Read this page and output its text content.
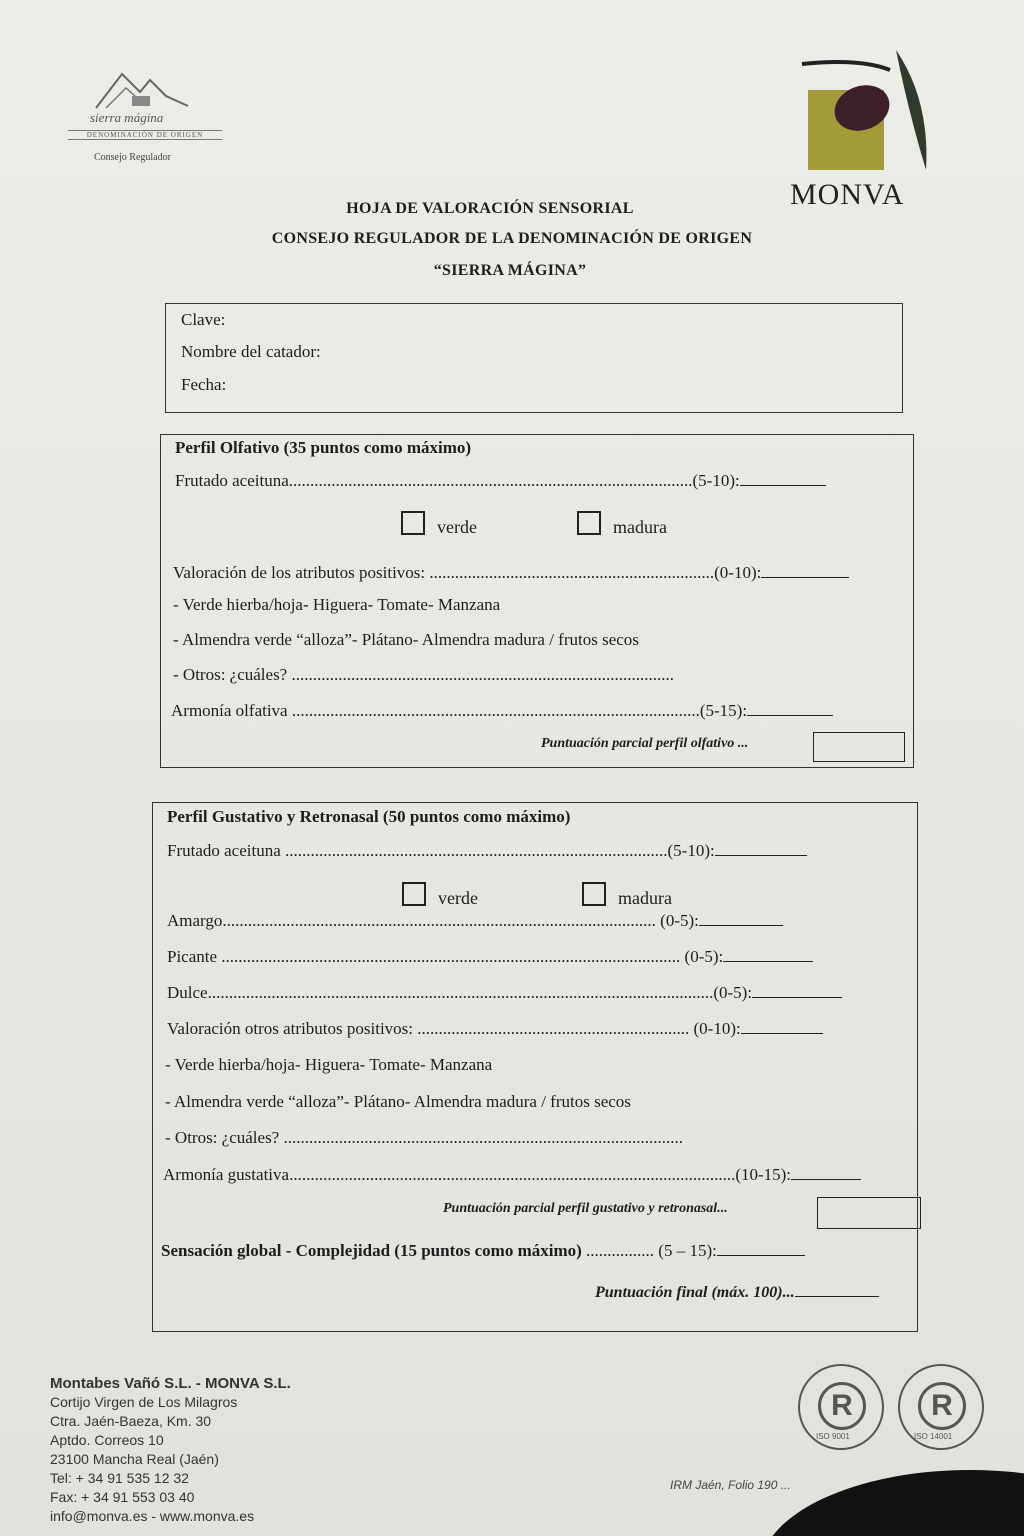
sierra mágina
DENOMINACIÓN DE ORIGEN
Consejo Regulador
MONVA
HOJA DE VALORACIÓN SENSORIAL
CONSEJO REGULADOR DE LA DENOMINACIÓN DE ORIGEN
“SIERRA MÁGINA”
Clave:
Nombre del catador:
Fecha:
Perfil Olfativo (35 puntos como máximo)
Frutado aceituna...............................................................................................(5-10):
verde	madura
Valoración de los atributos positivos: ...................................................................(0-10):
- Verde hierba/hoja- Higuera- Tomate- Manzana
- Almendra verde “alloza”- Plátano- Almendra madura / frutos secos
- Otros: ¿cuáles? ..........................................................................................
Armonía olfativa ................................................................................................(5-15):
Puntuación parcial perfil olfativo ...
Perfil Gustativo y Retronasal (50 puntos como máximo)
Frutado aceituna ..........................................................................................(5-10):
verde	madura
Amargo...................................................................................................... (0-5):
Picante ............................................................................................................ (0-5):
Dulce.......................................................................................................................(0-5):
Valoración otros atributos positivos: ................................................................ (0-10):
- Verde hierba/hoja- Higuera- Tomate- Manzana
- Almendra verde “alloza”- Plátano- Almendra madura / frutos secos
- Otros: ¿cuáles? ..............................................................................................
Armonía gustativa.........................................................................................................(10-15):
Puntuación parcial perfil gustativo y retronasal...
Sensación global - Complejidad (15 puntos como máximo) ................ (5 – 15):
Puntuación final (máx. 100)...
Montabes Vañó S.L. - MONVA S.L.
Cortijo Virgen de Los Milagros
Ctra. Jaén-Baeza, Km. 30
Aptdo. Correos 10
23100 Mancha Real (Jaén)
Tel: + 34 91 535 12 32
Fax: + 34 91 553 03 40
info@monva.es - www.monva.es
IRM Jaén, Folio 190 ...
R
ISO 9001
R
ISO 14001
